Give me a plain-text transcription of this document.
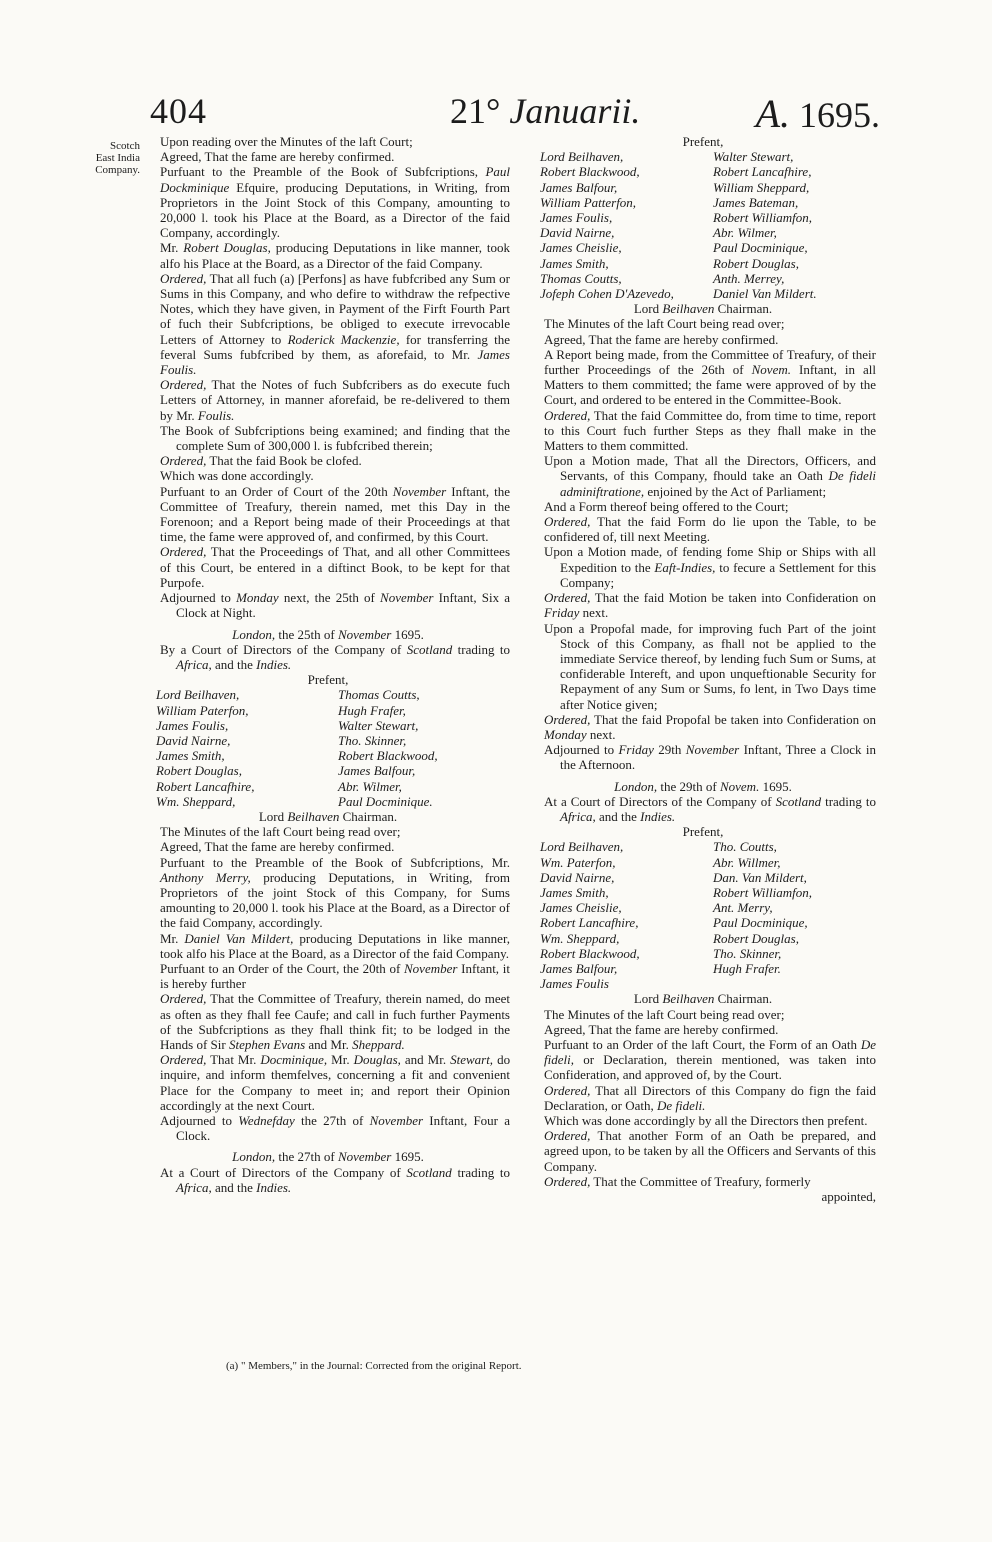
404	21° Januarii.	A. 1695.
Scotch
East India
Company.

Upon reading over the Minutes of the laft Court;

Agreed, That the fame are hereby confirmed.

Purfuant to the Preamble of the Book of Subfcriptions, Paul Dockminique Efquire, producing Deputations, in Writing, from Proprietors in the Joint Stock of this Company, amounting to 20,000 l. took his Place at the Board, as a Director of the faid Company, accordingly.

Mr. Robert Douglas, producing Deputations in like manner, took alfo his Place at the Board, as a Director of the faid Company.

Ordered, That all fuch (a) [Perfons] as have fubfcribed any Sum or Sums in this Company, and who defire to withdraw the refpective Notes, which they have given, in Payment of the Firft Fourth Part of fuch their Subfcriptions, be obliged to execute irrevocable Letters of Attorney to Roderick Mackenzie, for transferring the feveral Sums fubfcribed by them, as aforefaid, to Mr. James Foulis.

Ordered, That the Notes of fuch Subfcribers as do execute fuch Letters of Attorney, in manner aforefaid, be re-delivered to them by Mr. Foulis.

The Book of Subfcriptions being examined; and finding that the complete Sum of 300,000 l. is fubfcribed therein;

Ordered, That the faid Book be clofed.

Which was done accordingly.

Purfuant to an Order of Court of the 20th November Inftant, the Committee of Treafury, therein named, met this Day in the Forenoon; and a Report being made of their Proceedings at that time, the fame were approved of, and confirmed, by this Court.

Ordered, That the Proceedings of That, and all other Committees of this Court, be entered in a diftinct Book, to be kept for that Purpofe.

Adjourned to Monday next, the 25th of November Inftant, Six a Clock at Night.

London, the 25th of November 1695.

By a Court of Directors of the Company of Scotland trading to Africa, and the Indies.

Prefent,

Lord Beilhaven,
William Paterfon,
James Foulis,
David Nairne,
James Smith,
Robert Douglas,
Robert Lancafhire,
Wm. Sheppard,
Thomas Coutts,
Hugh Frafer,
Walter Stewart,
Tho. Skinner,
Robert Blackwood,
James Balfour,
Abr. Wilmer,
Paul Docminique.

Lord Beilhaven Chairman.

The Minutes of the laft Court being read over;

Agreed, That the fame are hereby confirmed.

Purfuant to the Preamble of the Book of Subfcriptions, Mr. Anthony Merry, producing Deputations, in Writing, from Proprietors of the joint Stock of this Company, for Sums amounting to 20,000 l. took his Place at the Board, as a Director of the faid Company, accordingly.

Mr. Daniel Van Mildert, producing Deputations in like manner, took alfo his Place at the Board, as a Director of the faid Company.

Purfuant to an Order of the Court, the 20th of November Inftant, it is hereby further

Ordered, That the Committee of Treafury, therein named, do meet as often as they fhall fee Caufe; and call in fuch further Payments of the Subfcriptions as they fhall think fit; to be lodged in the Hands of Sir Stephen Evans and Mr. Sheppard.

Ordered, That Mr. Docminique, Mr. Douglas, and Mr. Stewart, do inquire, and inform themfelves, concerning a fit and convenient Place for the Company to meet in; and report their Opinion accordingly at the next Court.

Adjourned to Wednefday the 27th of November Inftant, Four a Clock.

London, the 27th of November 1695.

At a Court of Directors of the Company of Scotland trading to Africa, and the Indies.

Prefent,

Lord Beilhaven,
Robert Blackwood,
James Balfour,
William Patterfon,
James Foulis,
David Nairne,
James Cheislie,
James Smith,
Thomas Coutts,
Jofeph Cohen D'Azevedo,
Walter Stewart,
Robert Lancafhire,
William Sheppard,
James Bateman,
Robert Williamfon,
Abr. Wilmer,
Paul Docminique,
Robert Douglas,
Anth. Merrey,
Daniel Van Mildert.

Lord Beilhaven Chairman.

The Minutes of the laft Court being read over;

Agreed, That the fame are hereby confirmed.

A Report being made, from the Committee of Treafury, of their further Proceedings of the 26th of Novem. Inftant, in all Matters to them committed; the fame were approved of by the Court, and ordered to be entered in the Committee-Book.

Ordered, That the faid Committee do, from time to time, report to this Court fuch further Steps as they fhall make in the Matters to them committed.

Upon a Motion made, That all the Directors, Officers, and Servants, of this Company, fhould take an Oath De fideli adminiftratione, enjoined by the Act of Parliament;

And a Form thereof being offered to the Court;

Ordered, That the faid Form do lie upon the Table, to be confidered of, till next Meeting.

Upon a Motion made, of fending fome Ship or Ships with all Expedition to the Eaft-Indies, to fecure a Settlement for this Company;

Ordered, That the faid Motion be taken into Confideration on Friday next.

Upon a Propofal made, for improving fuch Part of the joint Stock of this Company, as fhall not be applied to the immediate Service thereof, by lending fuch Sum or Sums, at confiderable Intereft, and upon unqueftionable Security for Repayment of any Sum or Sums, fo lent, in Two Days time after Notice given;

Ordered, That the faid Propofal be taken into Confideration on Monday next.

Adjourned to Friday 29th November Inftant, Three a Clock in the Afternoon.

London, the 29th of Novem. 1695.

At a Court of Directors of the Company of Scotland trading to Africa, and the Indies.

Prefent,

Lord Beilhaven,
Wm. Paterfon,
David Nairne,
James Smith,
James Cheislie,
Robert Lancafhire,
Wm. Sheppard,
Robert Blackwood,
James Balfour,
James Foulis
Tho. Coutts,
Abr. Willmer,
Dan. Van Mildert,
Robert Williamfon,
Ant. Merry,
Paul Docminique,
Robert Douglas,
Tho. Skinner,
Hugh Frafer.

Lord Beilhaven Chairman.

The Minutes of the laft Court being read over;

Agreed, That the fame are hereby confirmed.

Purfuant to an Order of the laft Court, the Form of an Oath De fideli, or Declaration, therein mentioned, was taken into Confideration, and approved of, by the Court.

Ordered, That all Directors of this Company do fign the faid Declaration, or Oath, De fideli.

Which was done accordingly by all the Directors then prefent.

Ordered, That another Form of an Oath be prepared, and agreed upon, to be taken by all the Officers and Servants of this Company.

Ordered, That the Committee of Treafury, formerly

appointed,

(a) " Members," in the Journal: Corrected from the original Report.
